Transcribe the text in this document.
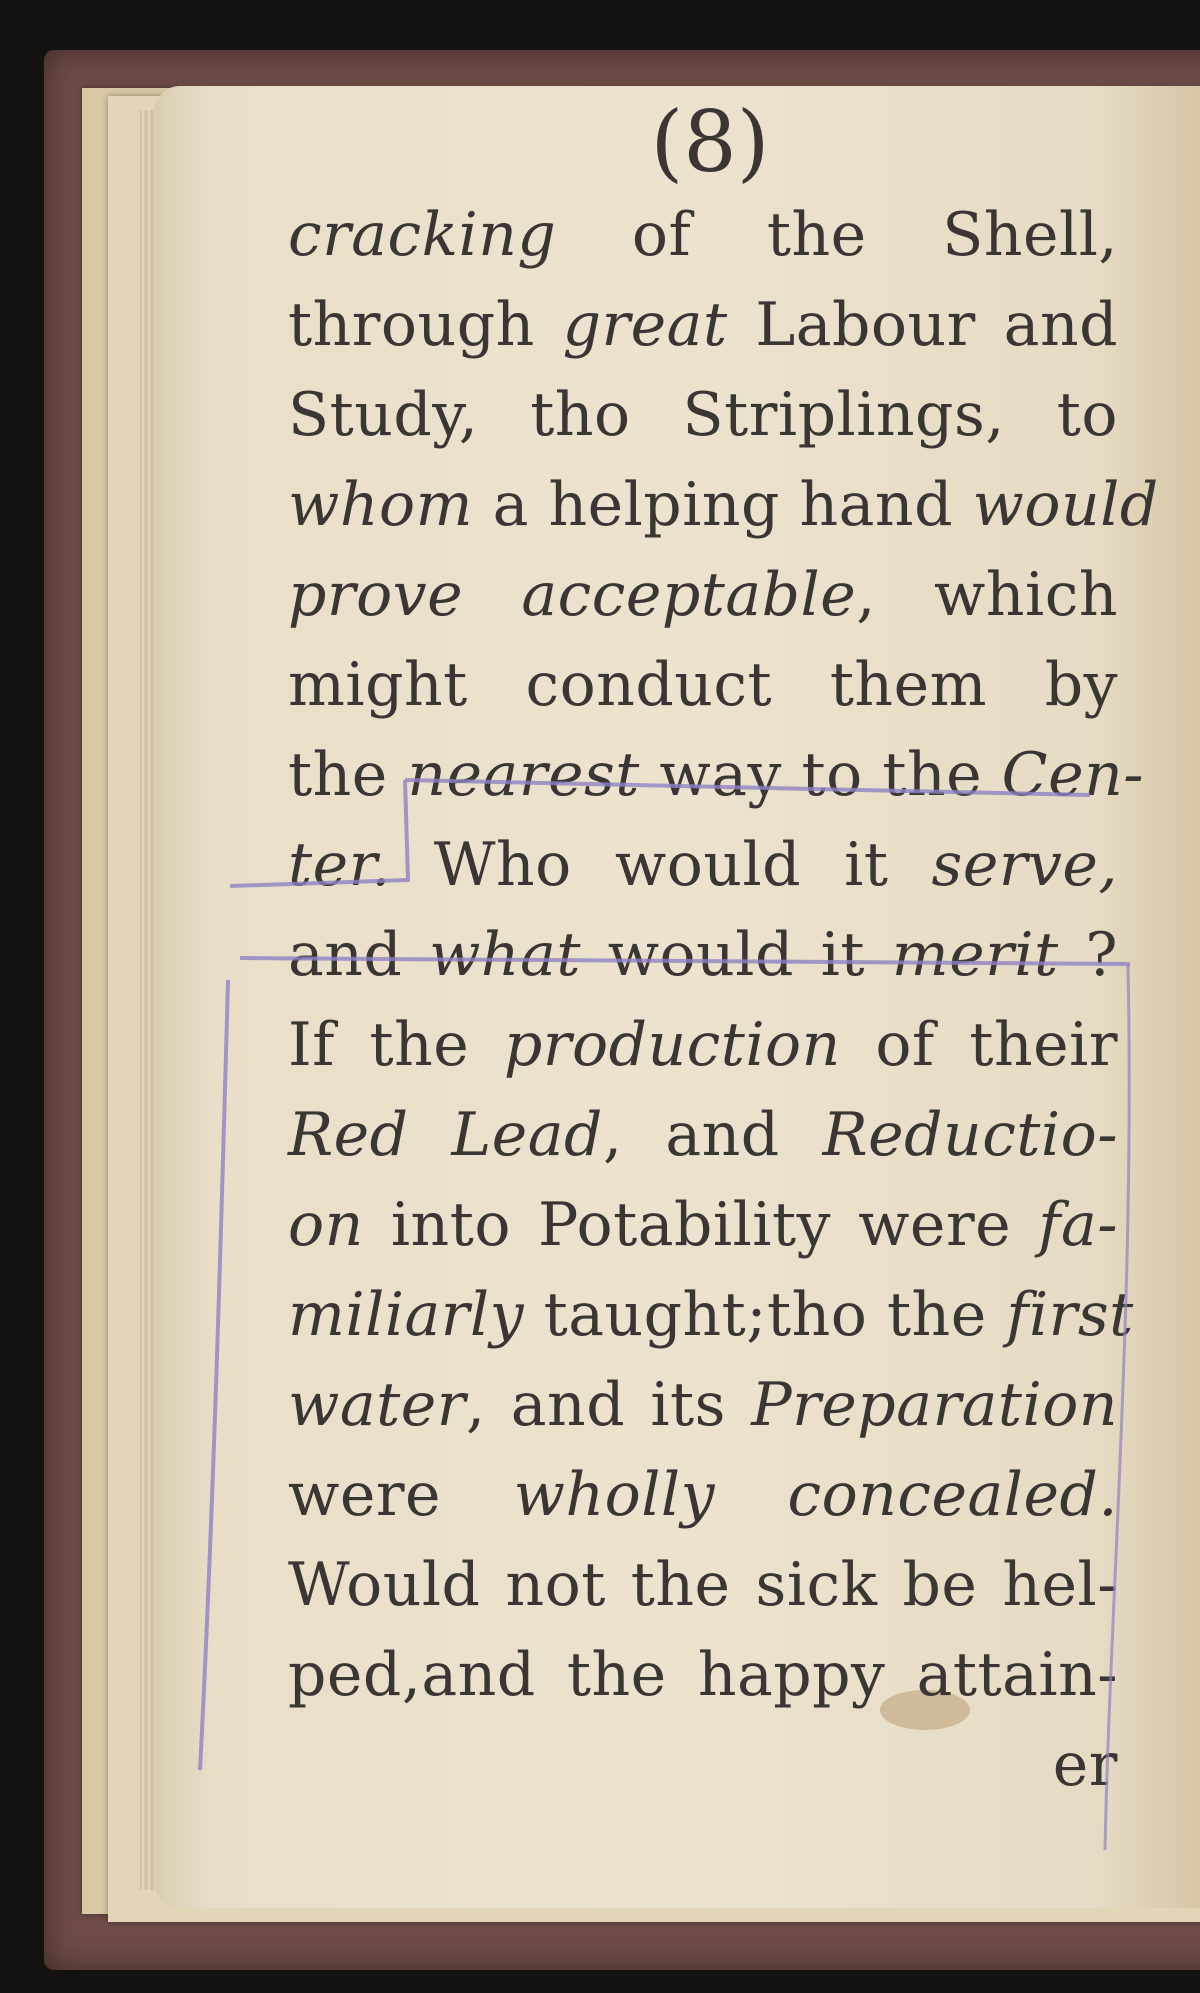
(8)
cracking of the Shell,
through great Labour and
Study, tho Striplings, to
whom a helping hand would
prove acceptable, which
might conduct them by
the nearest way to the Cen-
ter. Who would it serve,
and what would it merit ?
If the production of their
Red Lead, and Reductio-
on into Potability were fa-
miliarly taught;tho the first
water, and its Preparation
were wholly concealed.
Would not the sick be hel-
ped,and the happy attain-
er
